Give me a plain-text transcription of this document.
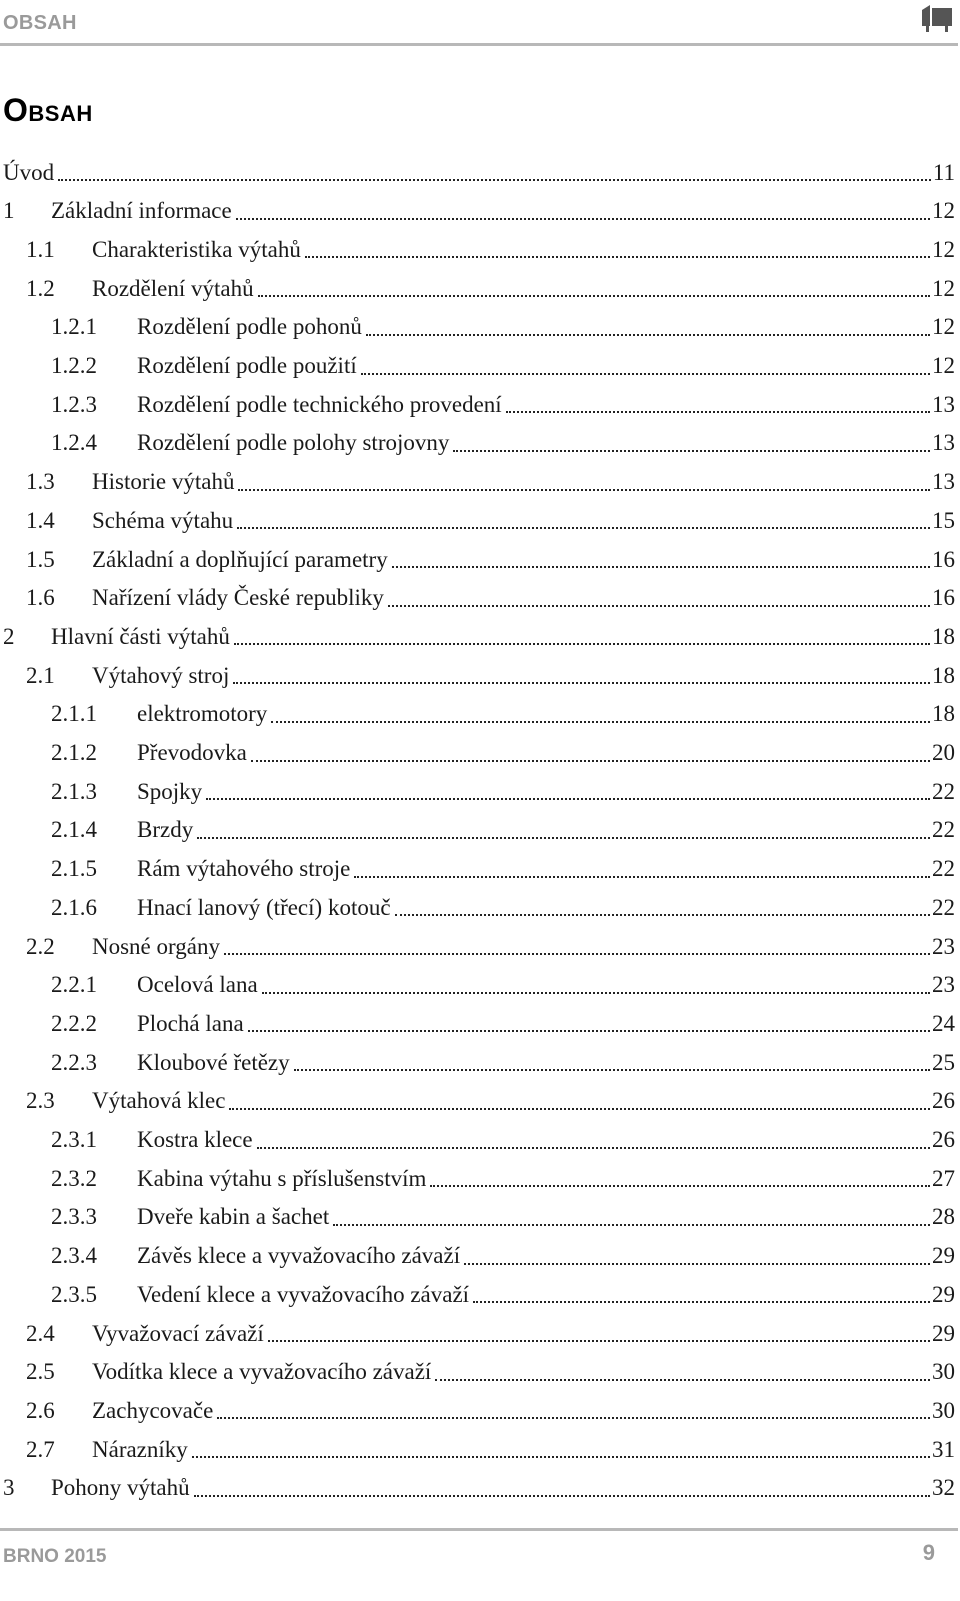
OBSAH
Obsah
Úvod	11
1	Základní informace	12
1.1	Charakteristika výtahů	12
1.2	Rozdělení výtahů	12
1.2.1	Rozdělení podle pohonů	12
1.2.2	Rozdělení podle použití	12
1.2.3	Rozdělení podle technického provedení	13
1.2.4	Rozdělení podle polohy strojovny	13
1.3	Historie výtahů	13
1.4	Schéma výtahu	15
1.5	Základní a doplňující parametry	16
1.6	Nařízení vlády České republiky	16
2	Hlavní části výtahů	18
2.1	Výtahový stroj	18
2.1.1	elektromotory	18
2.1.2	Převodovka	20
2.1.3	Spojky	22
2.1.4	Brzdy	22
2.1.5	Rám výtahového stroje	22
2.1.6	Hnací lanový (třecí) kotouč	22
2.2	Nosné orgány	23
2.2.1	Ocelová lana	23
2.2.2	Plochá lana	24
2.2.3	Kloubové řetězy	25
2.3	Výtahová klec	26
2.3.1	Kostra klece	26
2.3.2	Kabina výtahu s příslušenstvím	27
2.3.3	Dveře kabin a šachet	28
2.3.4	Závěs klece a vyvažovacího závaží	29
2.3.5	Vedení klece a vyvažovacího závaží	29
2.4	Vyvažovací závaží	29
2.5	Vodítka klece a vyvažovacího závaží	30
2.6	Zachycovače	30
2.7	Nárazníky	31
3	Pohony výtahů	32
BRNO 2015	9
